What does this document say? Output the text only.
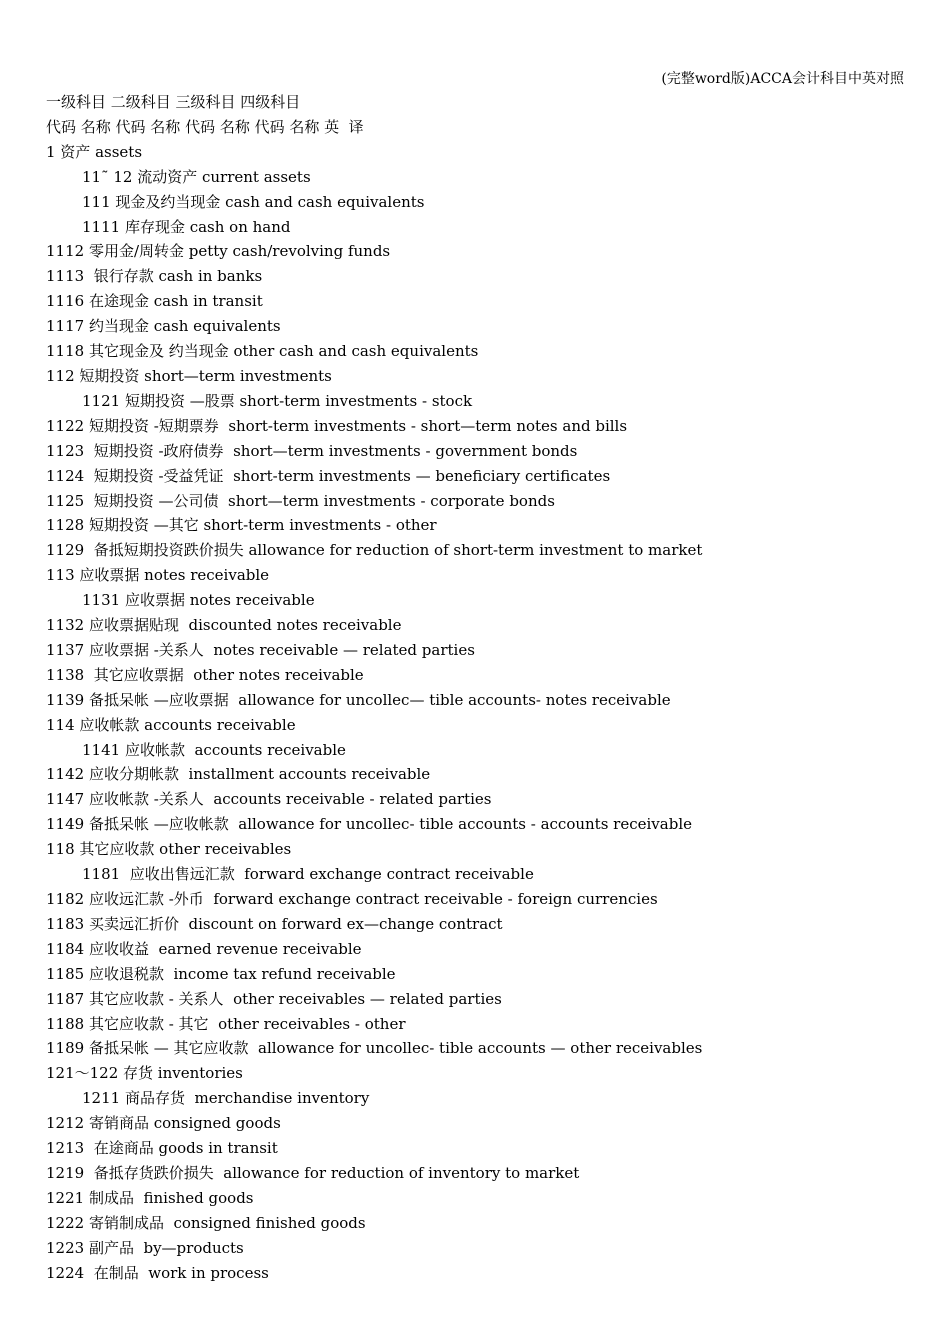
(完整word版)ACCA会计科目中英对照
一级科目 二级科目 三级科目 四级科目
代码 名称 代码 名称 代码 名称 代码 名称 英  译
1 资产 assets
11˜ 12 流动资产 current assets
111 现金及约当现金 cash and cash equivalents
1111 库存现金 cash on hand
1112 零用金/周转金 petty cash/revolving funds
1113  银行存款 cash in banks
1116 在途现金 cash in transit
1117 约当现金 cash equivalents
1118 其它现金及 约当现金 other cash and cash equivalents
112 短期投资 short—term investments
1121 短期投资 —股票 short-term investments - stock
1122 短期投资 -短期票券  short-term investments - short—term notes and bills
1123  短期投资 -政府债券  short—term investments - government bonds
1124  短期投资 -受益凭证  short-term investments — beneficiary certificates
1125  短期投资 —公司债  short—term investments - corporate bonds
1128 短期投资 —其它 short-term investments - other
1129  备抵短期投资跌价损失 allowance for reduction of short-term investment to market
113 应收票据 notes receivable
1131 应收票据 notes receivable
1132 应收票据贴现  discounted notes receivable
1137 应收票据 -关系人  notes receivable — related parties
1138  其它应收票据  other notes receivable
1139 备抵呆帐 —应收票据  allowance for uncollec— tible accounts- notes receivable
114 应收帐款 accounts receivable
1141 应收帐款  accounts receivable
1142 应收分期帐款  installment accounts receivable
1147 应收帐款 -关系人  accounts receivable - related parties
1149 备抵呆帐 —应收帐款  allowance for uncollec- tible accounts - accounts receivable
118 其它应收款 other receivables
1181  应收出售远汇款  forward exchange contract receivable
1182 应收远汇款 -外币  forward exchange contract receivable - foreign currencies
1183 买卖远汇折价  discount on forward ex—change contract
1184 应收收益  earned revenue receivable
1185 应收退税款  income tax refund receivable
1187 其它应收款 - 关系人  other receivables — related parties
1188 其它应收款 - 其它  other receivables - other
1189 备抵呆帐 — 其它应收款  allowance for uncollec- tible accounts — other receivables
121～122 存货 inventories
1211 商品存货  merchandise inventory
1212 寄销商品 consigned goods
1213  在途商品 goods in transit
1219  备抵存货跌价损失  allowance for reduction of inventory to market
1221 制成品  finished goods
1222 寄销制成品  consigned finished goods
1223 副产品  by—products
1224  在制品  work in process
